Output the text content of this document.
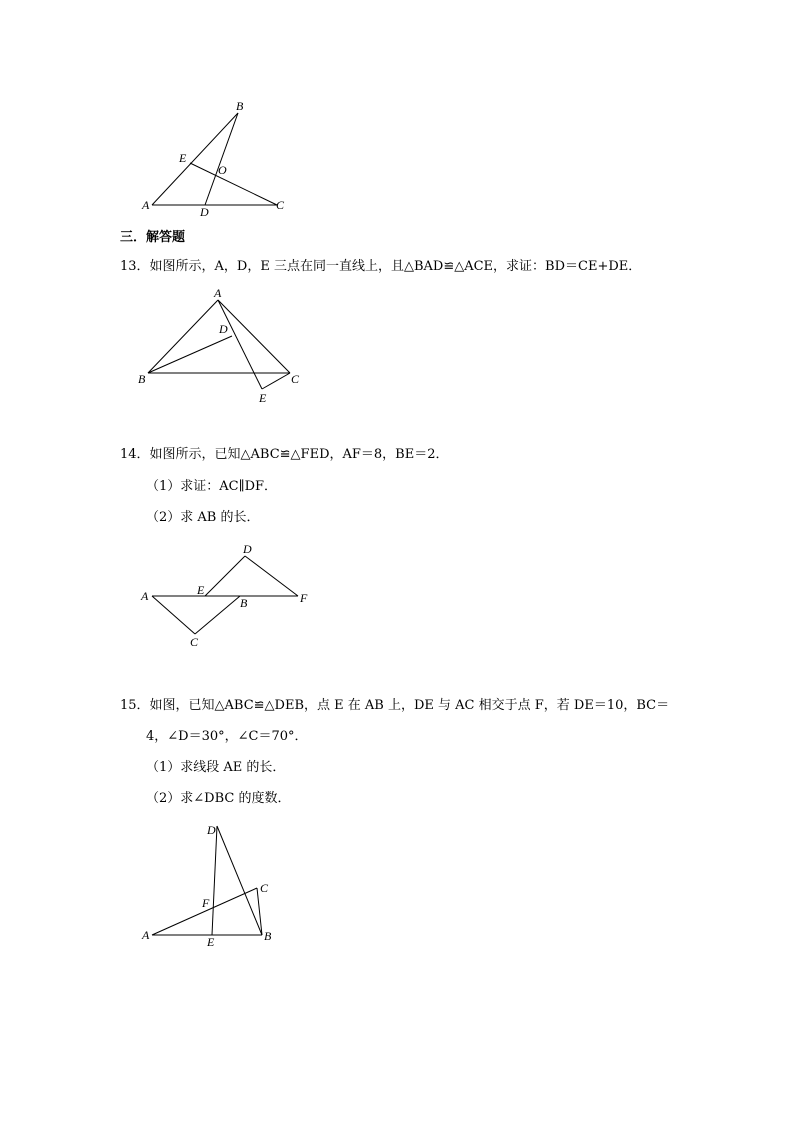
B
E
O
A	D	C
三．解答题
13．如图所示，A，D，E 三点在同一直线上，且△BAD≌△ACE，求证：BD＝CE+DE．
A
D
B	C
E
14．如图所示，已知△ABC≌△FED，AF＝8，BE＝2．
（1）求证：AC∥DF．
（2）求 AB 的长．
D
A	E
B	F
C
15．如图，已知△ABC≌△DEB，点 E 在 AB 上，DE 与 AC 相交于点 F，若 DE＝10，BC＝
4，∠D＝30°，∠C＝70°．
（1）求线段 AE 的长．
（2）求∠DBC 的度数．
D
C
F
A	E	B
